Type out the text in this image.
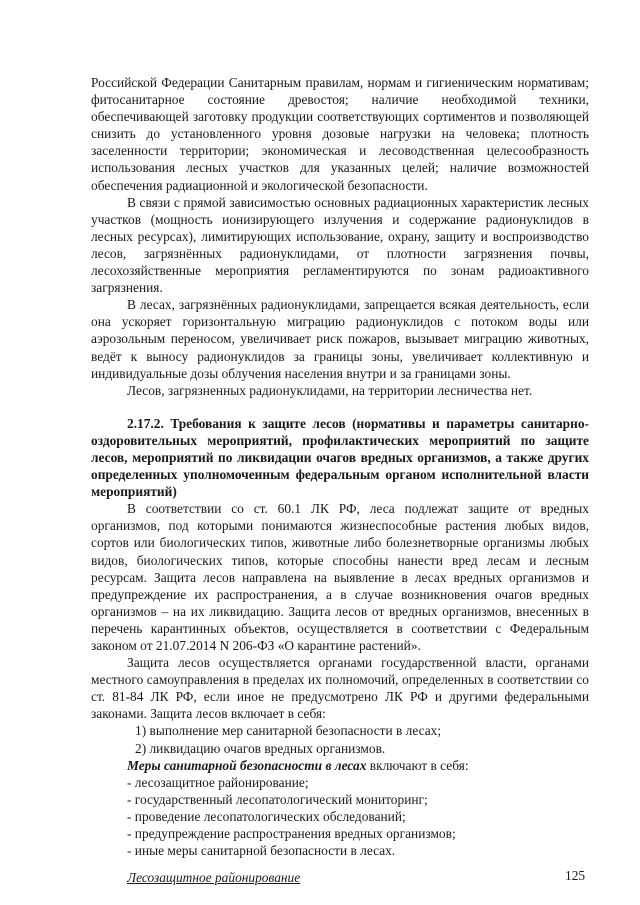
Российской Федерации Санитарным правилам, нормам и гигиеническим нормативам; фитосанитарное состояние древостоя; наличие необходимой техники, обеспечивающей заготовку продукции соответствующих сортиментов и позволяющей снизить до установленного уровня дозовые нагрузки на человека; плотность заселенности территории; экономическая и лесоводственная целесообразность использования лесных участков для указанных целей; наличие возможностей обеспечения радиационной и экологической безопасности.

В связи с прямой зависимостью основных радиационных характеристик лесных участков (мощность ионизирующего излучения и содержание радионуклидов в лесных ресурсах), лимитирующих использование, охрану, защиту и воспроизводство лесов, загрязнённых радионуклидами, от плотности загрязнения почвы, лесохозяйственные мероприятия регламентируются по зонам радиоактивного загрязнения.

В лесах, загрязнённых радионуклидами, запрещается всякая деятельность, если она ускоряет горизонтальную миграцию радионуклидов с потоком воды или аэрозольным переносом, увеличивает риск пожаров, вызывает миграцию животных, ведёт к выносу радионуклидов за границы зоны, увеличивает коллективную и индивидуальные дозы облучения населения внутри и за границами зоны.

Лесов, загрязненных радионуклидами, на территории лесничества нет.

2.17.2. Требования к защите лесов (нормативы и параметры санитарно-оздоровительных мероприятий, профилактических мероприятий по защите лесов, мероприятий по ликвидации очагов вредных организмов, а также других определенных уполномоченным федеральным органом исполнительной власти мероприятий)

В соответствии со ст. 60.1 ЛК РФ, леса подлежат защите от вредных организмов, под которыми понимаются жизнеспособные растения любых видов, сортов или биологических типов, животные либо болезнетворные организмы любых видов, биологических типов, которые способны нанести вред лесам и лесным ресурсам. Защита лесов направлена на выявление в лесах вредных организмов и предупреждение их распространения, а в случае возникновения очагов вредных организмов – на их ликвидацию. Защита лесов от вредных организмов, внесенных в перечень карантинных объектов, осуществляется в соответствии с Федеральным законом от 21.07.2014 N 206-ФЗ «О карантине растений».

Защита лесов осуществляется органами государственной власти, органами местного самоуправления в пределах их полномочий, определенных в соответствии со ст. 81-84 ЛК РФ, если иное не предусмотрено ЛК РФ и другими федеральными законами. Защита лесов включает в себя:

1) выполнение мер санитарной безопасности в лесах;

2) ликвидацию очагов вредных организмов.

Меры санитарной безопасности в лесах включают в себя:

- лесозащитное районирование;

- государственный лесопатологический мониторинг;

- проведение лесопатологических обследований;

- предупреждение распространения вредных организмов;

- иные меры санитарной безопасности в лесах.

Лесозащитное районирование	125
